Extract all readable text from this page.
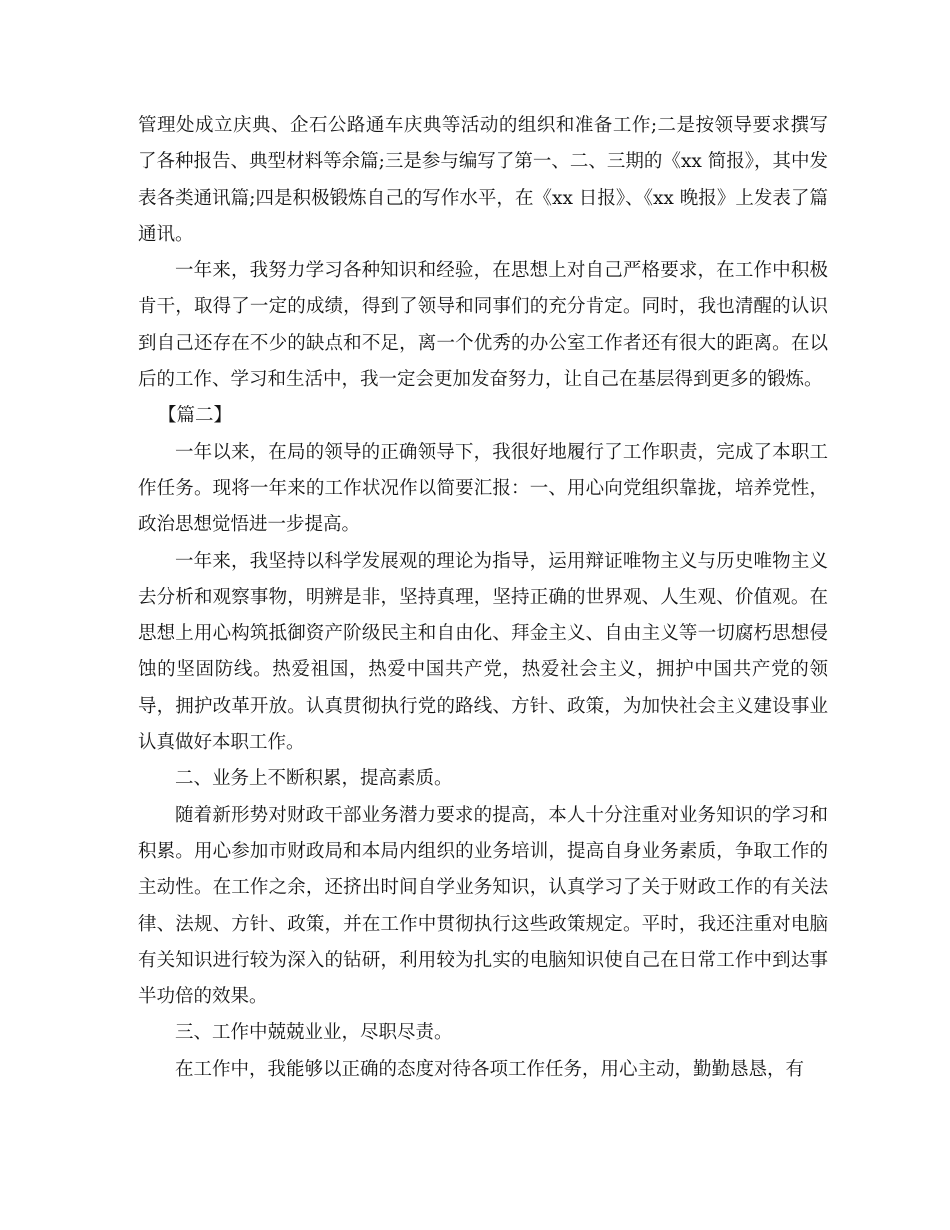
管理处成立庆典、企石公路通车庆典等活动的组织和准备工作;二是按领导要求撰写了各种报告、典型材料等余篇;三是参与编写了第一、二、三期的《xx 简报》，其中发表各类通讯篇;四是积极锻炼自己的写作水平，在《xx 日报》、《xx 晚报》上发表了篇通讯。

一年来，我努力学习各种知识和经验，在思想上对自己严格要求，在工作中积极肯干，取得了一定的成绩，得到了领导和同事们的充分肯定。同时，我也清醒的认识到自己还存在不少的缺点和不足，离一个优秀的办公室工作者还有很大的距离。在以后的工作、学习和生活中，我一定会更加发奋努力，让自己在基层得到更多的锻炼。

【篇二】

一年以来，在局的领导的正确领导下，我很好地履行了工作职责，完成了本职工作任务。现将一年来的工作状况作以简要汇报：一、用心向党组织靠拢，培养党性，政治思想觉悟进一步提高。

一年来，我坚持以科学发展观的理论为指导，运用辩证唯物主义与历史唯物主义去分析和观察事物，明辨是非，坚持真理，坚持正确的世界观、人生观、价值观。在思想上用心构筑抵御资产阶级民主和自由化、拜金主义、自由主义等一切腐朽思想侵蚀的坚固防线。热爱祖国，热爱中国共产党，热爱社会主义，拥护中国共产党的领导，拥护改革开放。认真贯彻执行党的路线、方针、政策，为加快社会主义建设事业认真做好本职工作。

二、业务上不断积累，提高素质。

随着新形势对财政干部业务潜力要求的提高，本人十分注重对业务知识的学习和积累。用心参加市财政局和本局内组织的业务培训，提高自身业务素质，争取工作的主动性。在工作之余，还挤出时间自学业务知识，认真学习了关于财政工作的有关法律、法规、方针、政策，并在工作中贯彻执行这些政策规定。平时，我还注重对电脑有关知识进行较为深入的钻研，利用较为扎实的电脑知识使自己在日常工作中到达事半功倍的效果。

三、工作中兢兢业业，尽职尽责。

在工作中，我能够以正确的态度对待各项工作任务，用心主动，勤勤恳恳，有
